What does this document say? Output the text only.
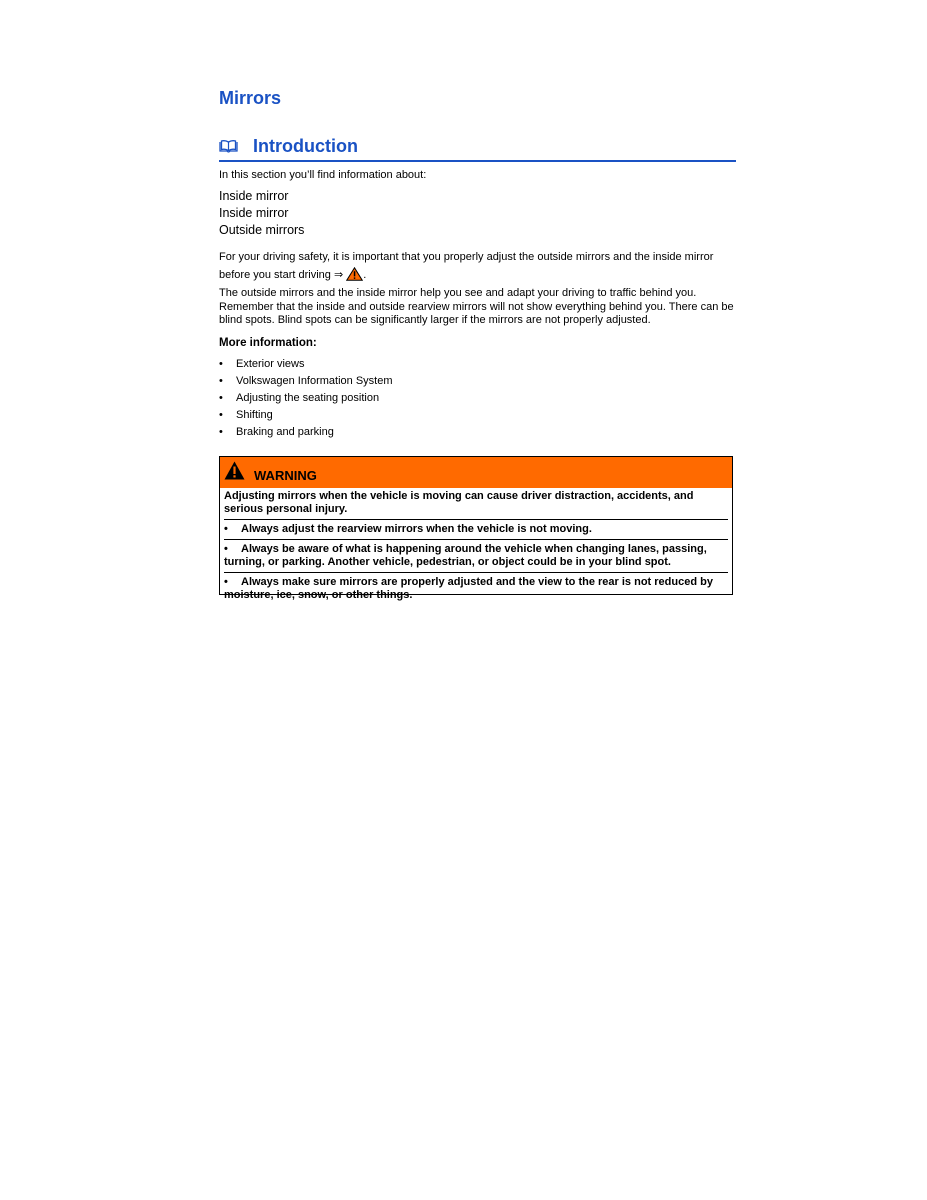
Mirrors
Introduction
In this section you’ll find information about:
Inside mirror
Inside mirror
Outside mirrors
For your driving safety, it is important that you properly adjust the outside mirrors and the inside mirror before you start driving ⇒ .
The outside mirrors and the inside mirror help you see and adapt your driving to traffic behind you. Remember that the inside and outside rearview mirrors will not show everything behind you. There can be blind spots. Blind spots can be significantly larger if the mirrors are not properly adjusted.
More information:
• Exterior views
• Volkswagen Information System
• Adjusting the seating position
• Shifting
• Braking and parking
WARNING
Adjusting mirrors when the vehicle is moving can cause driver distraction, accidents, and serious personal injury.
• Always adjust the rearview mirrors when the vehicle is not moving.
• Always be aware of what is happening around the vehicle when changing lanes, passing, turning, or parking. Another vehicle, pedestrian, or object could be in your blind spot.
• Always make sure mirrors are properly adjusted and the view to the rear is not reduced by moisture, ice, snow, or other things.
